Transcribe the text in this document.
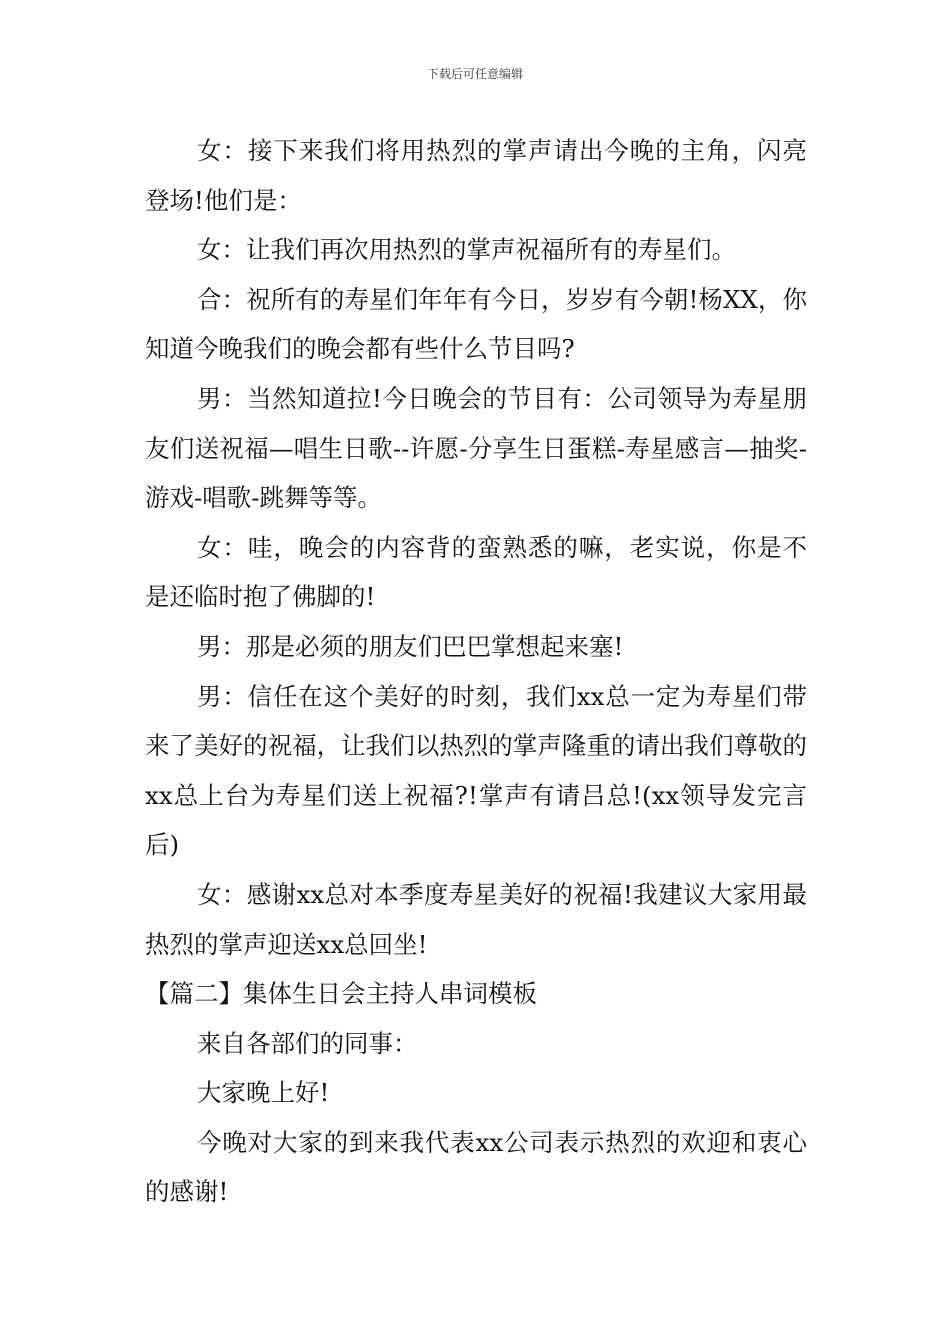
下载后可任意编辑

女：接下来我们将用热烈的掌声请出今晚的主角，闪亮登场!他们是：

女：让我们再次用热烈的掌声祝福所有的寿星们。

合：祝所有的寿星们年年有今日，岁岁有今朝!杨XX，你知道今晚我们的晚会都有些什么节目吗?

男：当然知道拉!今日晚会的节目有：公司领导为寿星朋友们送祝福—唱生日歌--许愿-分享生日蛋糕-寿星感言—抽奖-游戏-唱歌-跳舞等等。

女：哇，晚会的内容背的蛮熟悉的嘛，老实说，你是不是还临时抱了佛脚的!

男：那是必须的朋友们巴巴掌想起来塞!

男：信任在这个美好的时刻，我们xx总一定为寿星们带来了美好的祝福，让我们以热烈的掌声隆重的请出我们尊敬的xx总上台为寿星们送上祝福?!掌声有请吕总!(xx领导发完言后)

女：感谢xx总对本季度寿星美好的祝福!我建议大家用最热烈的掌声迎送xx总回坐!

【篇二】集体生日会主持人串词模板

来自各部们的同事：

大家晚上好!

今晚对大家的到来我代表xx公司表示热烈的欢迎和衷心的感谢!
